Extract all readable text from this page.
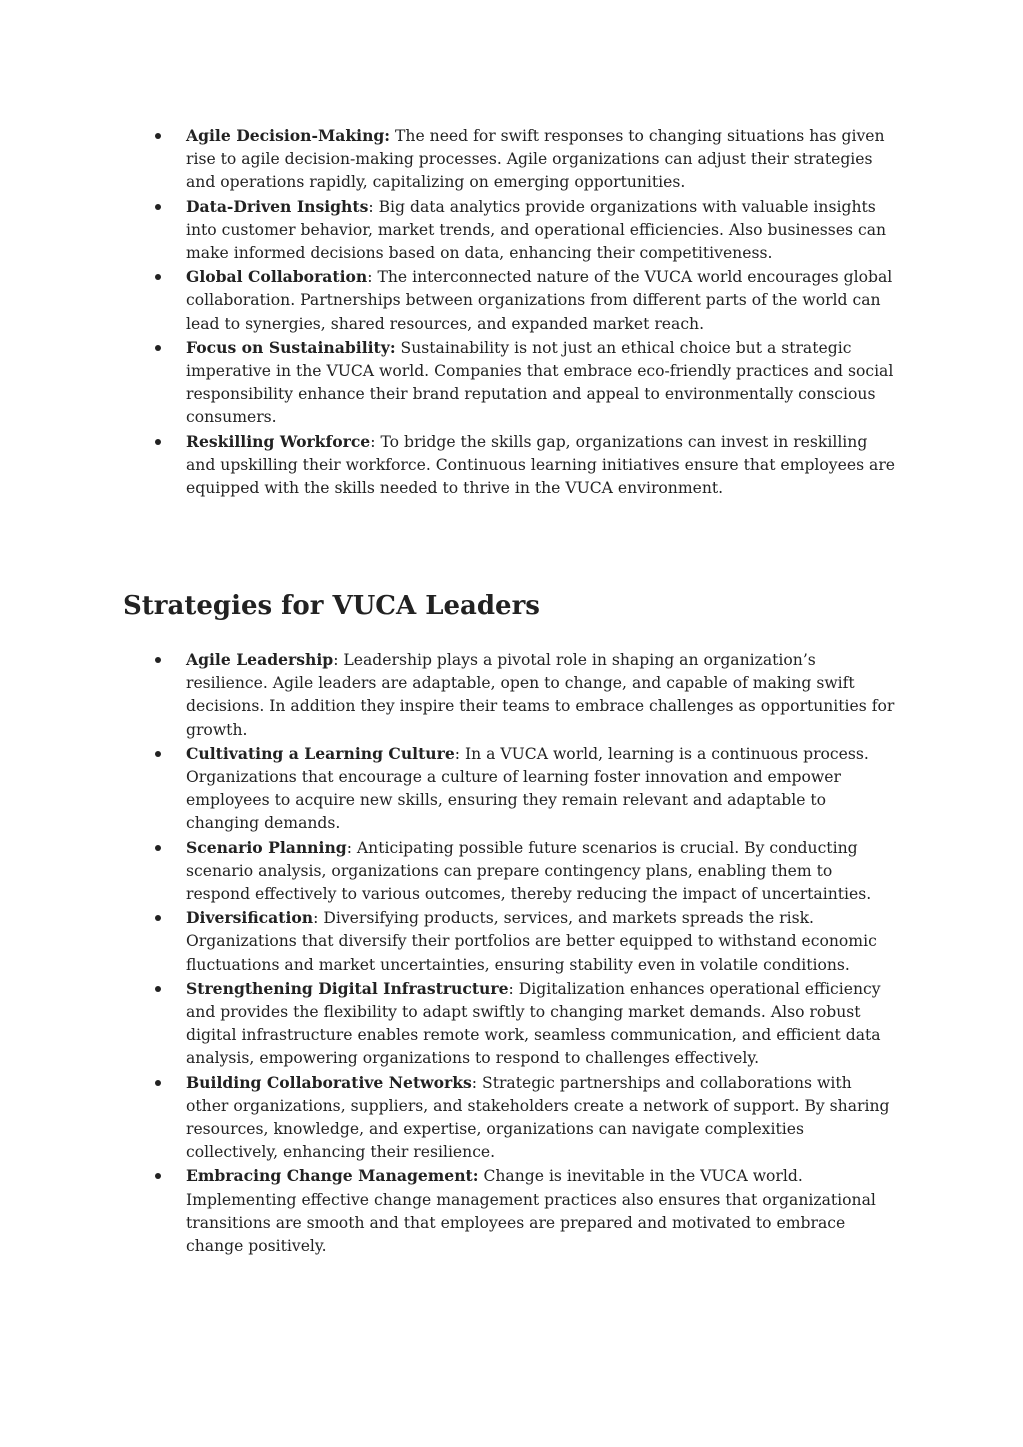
Agile Decision-Making: The need for swift responses to changing situations has given rise to agile decision-making processes. Agile organizations can adjust their strategies and operations rapidly, capitalizing on emerging opportunities.
Data-Driven Insights: Big data analytics provide organizations with valuable insights into customer behavior, market trends, and operational efficiencies. Also businesses can make informed decisions based on data, enhancing their competitiveness.
Global Collaboration: The interconnected nature of the VUCA world encourages global collaboration. Partnerships between organizations from different parts of the world can lead to synergies, shared resources, and expanded market reach.
Focus on Sustainability: Sustainability is not just an ethical choice but a strategic imperative in the VUCA world. Companies that embrace eco-friendly practices and social responsibility enhance their brand reputation and appeal to environmentally conscious consumers.
Reskilling Workforce: To bridge the skills gap, organizations can invest in reskilling and upskilling their workforce. Continuous learning initiatives ensure that employees are equipped with the skills needed to thrive in the VUCA environment.
Strategies for VUCA Leaders
Agile Leadership: Leadership plays a pivotal role in shaping an organization’s resilience. Agile leaders are adaptable, open to change, and capable of making swift decisions. In addition they inspire their teams to embrace challenges as opportunities for growth.
Cultivating a Learning Culture: In a VUCA world, learning is a continuous process. Organizations that encourage a culture of learning foster innovation and empower employees to acquire new skills, ensuring they remain relevant and adaptable to changing demands.
Scenario Planning: Anticipating possible future scenarios is crucial. By conducting scenario analysis, organizations can prepare contingency plans, enabling them to respond effectively to various outcomes, thereby reducing the impact of uncertainties.
Diversification: Diversifying products, services, and markets spreads the risk. Organizations that diversify their portfolios are better equipped to withstand economic fluctuations and market uncertainties, ensuring stability even in volatile conditions.
Strengthening Digital Infrastructure: Digitalization enhances operational efficiency and provides the flexibility to adapt swiftly to changing market demands. Also robust digital infrastructure enables remote work, seamless communication, and efficient data analysis, empowering organizations to respond to challenges effectively.
Building Collaborative Networks: Strategic partnerships and collaborations with other organizations, suppliers, and stakeholders create a network of support. By sharing resources, knowledge, and expertise, organizations can navigate complexities collectively, enhancing their resilience.
Embracing Change Management: Change is inevitable in the VUCA world. Implementing effective change management practices also ensures that organizational transitions are smooth and that employees are prepared and motivated to embrace change positively.
